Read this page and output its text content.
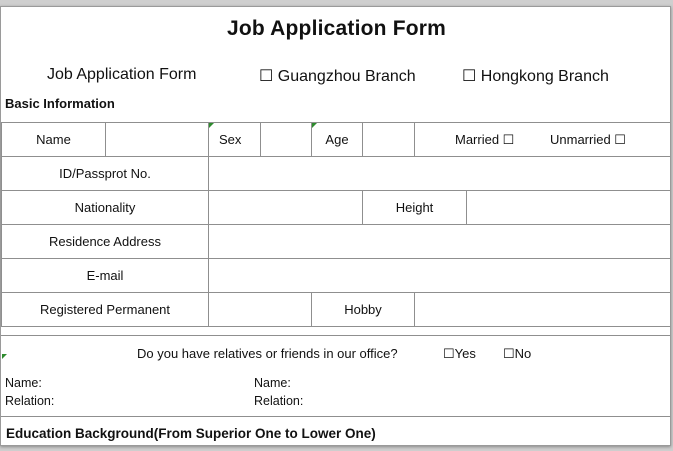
Job Application Form
Job Application Form	☐ Guangzhou Branch	☐ Hongkong Branch
Basic Information
Name		Sex		Age		Married ☐ Unmarried ☐	

ID/Passprot No.							
Nationality					Height		
Residence Address							
E-mail							

Registered Permanent				Hobby			
Do you have relatives or friends in our office?	☐Yes ☐No
Name:
Relation:
Name:
Relation:
Education Background(From Superior One to Lower One)
